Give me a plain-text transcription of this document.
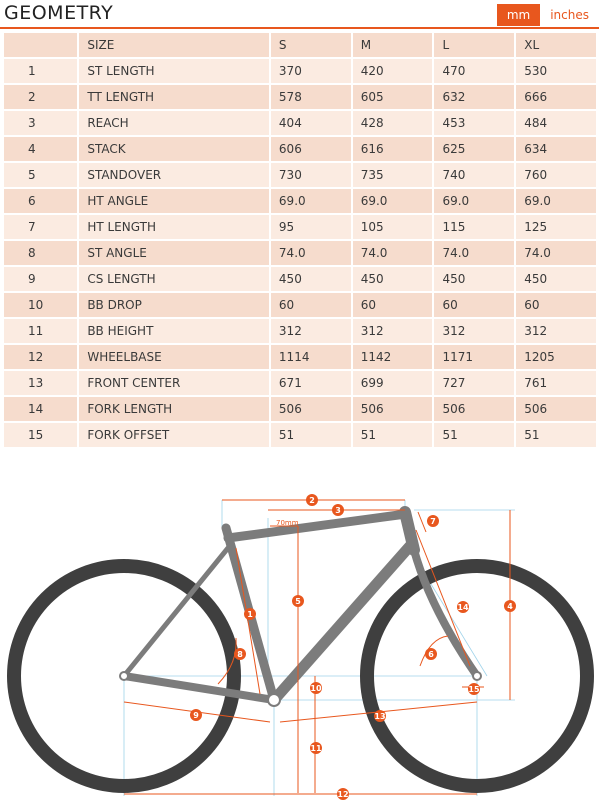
GEOMETRY	mm	inches
	SIZE	S	M	L	XL
1	ST LENGTH	370	420	470	530
2	TT LENGTH	578	605	632	666
3	REACH	404	428	453	484
4	STACK	606	616	625	634
5	STANDOVER	730	735	740	760
6	HT ANGLE	69.0	69.0	69.0	69.0
7	HT LENGTH	95	105	115	125
8	ST ANGLE	74.0	74.0	74.0	74.0
9	CS LENGTH	450	450	450	450
10	BB DROP	60	60	60	60
11	BB HEIGHT	312	312	312	312
12	WHEELBASE	1114	1142	1171	1205
13	FRONT CENTER	671	699	727	761
14	FORK LENGTH	506	506	506	506
15	FORK OFFSET	51	51	51	51
70mm
1
2
3
4
5
6
7
8
9
10
11
12
13
14
15
